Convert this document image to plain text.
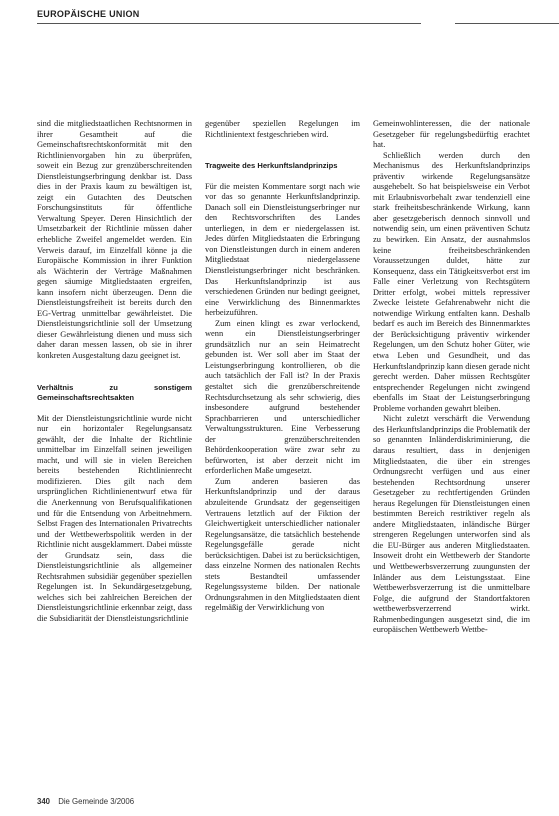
EUROPÄISCHE UNION

sind die mitgliedstaatlichen Rechtsnormen in ihrer Gesamtheit auf die Gemeinschaftsrechtskonformität mit den Richtlinienvorgaben hin zu überprüfen, soweit ein Bezug zur grenzüberschreitenden Dienstleistungserbringung denkbar ist. Dass dies in der Praxis kaum zu bewältigen ist, zeigt ein Gutachten des Deutschen Forschungsinstituts für öffentliche Verwaltung Speyer. Deren Hinsichtlich der Umsetzbarkeit der Richtlinie müssen daher erhebliche Zweifel angemeldet werden. Ein Verweis darauf, im Einzelfall könne ja die Europäische Kommission in ihrer Funktion als Wächterin der Verträge Maßnahmen gegen säumige Mitgliedstaaten ergreifen, kann insofern nicht überzeugen. Denn die Dienstleistungsfreiheit ist bereits durch den EG-Vertrag unmittelbar gewährleistet. Die Dienstleistungsrichtlinie soll der Umsetzung dieser Gewährleistung dienen und muss sich daher daran messen lassen, ob sie in ihrer konkreten Ausgestaltung dazu geeignet ist.

Verhältnis zu sonstigem Gemeinschaftsrechtsakten

Mit der Dienstleistungsrichtlinie wurde nicht nur ein horizontaler Regelungsansatz gewählt, der die Inhalte der Richtlinie unmittelbar im Einzelfall seinen jeweiligen macht, und will sie in vielen Bereichen bereits bestehenden Richtlinienrecht modifizieren. Dies gilt nach dem ursprünglichen Richtlinienentwurf etwa für die Anerkennung von Berufsqualifikationen und für die Entsendung von Arbeitnehmern. Selbst Fragen des Internationalen Privatrechts und der Wettbewerbspolitik werden in der Richtlinie nicht ausgeklammert. Dabei müsste der Grundsatz sein, dass die Dienstleistungsrichtlinie als allgemeiner Rechtsrahmen subsidiär gegenüber speziellen Regelungen ist. In Sekundärgesetzgebung, welches sich bei zahlreichen Bereichen der Dienstleistungsrichtlinie erkennbar zeigt, dass die Subsidiarität der Dienstleistungsrichtlinie

gegenüber speziellen Regelungen im Richtlinientext festgeschrieben wird.

Tragweite des Herkunftslandprinzips

Für die meisten Kommentare sorgt nach wie vor das so genannte Herkunftslandprinzip. Danach soll ein Dienstleistungserbringer nur den Rechtsvorschriften des Landes unterliegen, in dem er niedergelassen ist. Jedes dürfen Mitgliedstaaten die Erbringung von Dienstleistungen durch in einem anderen Mitgliedstaat niedergelassene Dienstleistungserbringer nicht beschränken. Das Herkunftslandprinzip ist aus verschiedenen Gründen nur bedingt geeignet, eine Verwirklichung des Binnenmarktes herbeizuführen.

Zum einen klingt es zwar verlockend, wenn ein Dienstleistungserbringer grundsätzlich nur an sein Heimatrecht gebunden ist. Wer soll aber im Staat der Leistungserbringung kontrollieren, ob die auch tatsächlich der Fall ist? In der Praxis gestaltet sich die grenzüberschreitende Rechtsdurchsetzung als sehr schwierig, dies insbesondere aufgrund bestehender Sprachbarrieren und unterschiedlicher Verwaltungsstrukturen. Eine Verbesserung der grenzüberschreitenden Behördenkooperation wäre zwar sehr zu befürworten, ist aber derzeit nicht im erforderlichen Maße umgesetzt.

Zum anderen basieren das Herkunftslandprinzip und der daraus abzuleitende Grundsatz der gegenseitigen Vertrauens letztlich auf der Fiktion der Gleichwertigkeit unterschiedlicher nationaler Regelungsansätze, die tatsächlich bestehende Regelungsgefälle gerade nicht berücksichtigen. Dabei ist zu berücksichtigen, dass einzelne Normen des nationalen Rechts stets Bestandteil umfassender Regelungssysteme bilden. Der nationale Ordnungsrahmen in den Mitgliedstaaten dient regelmäßig der Verwirklichung von

Gemeinwohlinteressen, die der nationale Gesetzgeber für regelungsbedürftig erachtet hat.

Schließlich werden durch den Mechanismus des Herkunftslandprinzips präventiv wirkende Regelungsansätze ausgehebelt. So hat beispielsweise ein Verbot mit Erlaubnisvorbehalt zwar tendenziell eine stark freiheitsbeschränkende Wirkung, kann aber gesetzgeberisch dennoch sinnvoll und notwendig sein, um einen präventiven Schutz zu bewirken. Ein Ansatz, der ausnahmslos keine freiheitsbeschränkenden Voraussetzungen duldet, hätte zur Konsequenz, dass ein Tätigkeitsverbot erst im Falle einer Verletzung von Rechtsgütern Dritter erfolgt, wobei mittels repressiver Zwecke leistete Gefahrenabwehr nicht die notwendige Wirkung entfalten kann. Deshalb bedarf es auch im Bereich des Binnenmarktes der Berücksichtigung präventiv wirkender Regelungen, um den Schutz hoher Güter, wie etwa Leben und Gesundheit, und das Herkunftslandprinzip kann diesen gerade nicht gerecht werden. Daher müssen Rechtsgüter entsprechender Regelungen nicht zwingend ebenfalls im Staat der Leistungserbringung Probleme vorhanden gewahrt bleiben.

Nicht zuletzt verschärft die Verwendung des Herkunftslandprinzips die Problematik der so genannten Inländerdiskriminierung, die daraus resultiert, dass in denjenigen Mitgliedstaaten, die über ein strenges Ordnungsrecht verfügen und aus einer bestehenden Rechtsordnung unserer Gesetzgeber zu rechtfertigenden Gründen heraus Regelungen für Dienstleistungen einen bestimmten Bereich restriktiver regeln als andere Mitgliedstaaten, inländische Bürger strengeren Regelungen unterworfen sind als die EU-Bürger aus anderen Mitgliedstaaten. Insoweit droht ein Wettbewerb der Standorte und Wettbewerbsverzerrung zuungunsten der Inländer aus dem Leistungsstaat. Eine Wettbewerbsverzerrung ist die unmittelbare Folge, die aufgrund der Standortfaktoren wettbewerbsverzerrend wirkt. Rahmenbedingungen ausgesetzt sind, die im europäischen Wettbewerb Wettbe-

340 Die Gemeinde 3/2006
